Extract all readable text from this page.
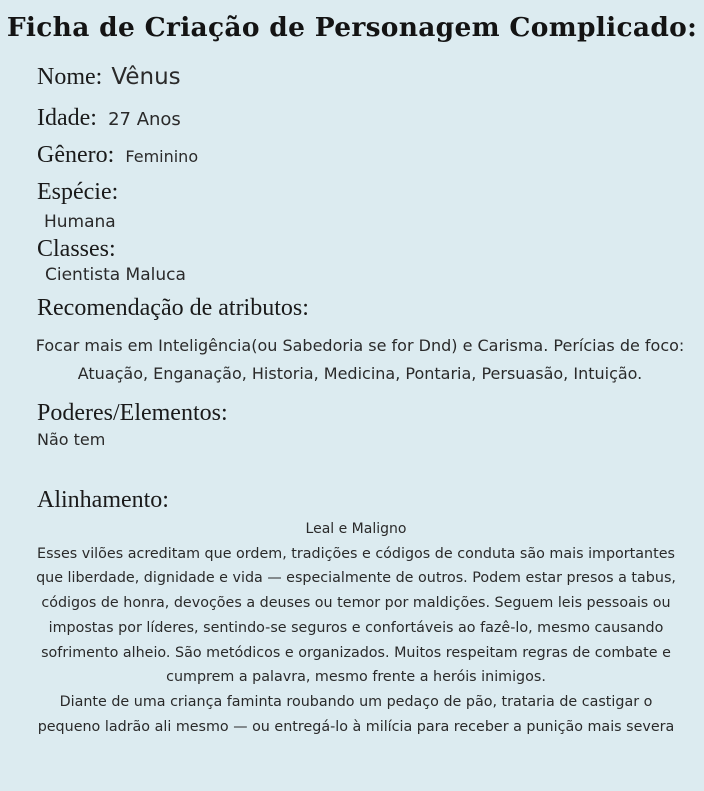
Ficha de Criação de Personagem Complicado:
Nome: Vênus
Idade: 27 Anos
Gênero: Feminino
Espécie:
Humana
Classes:
Cientista Maluca
Recomendação de atributos:
Focar mais em Inteligência(ou Sabedoria se for Dnd) e Carisma. Perícias de foco:
Atuação, Enganação, Historia, Medicina, Pontaria, Persuasão, Intuição.
Poderes/Elementos:
Não tem
Alinhamento:
Leal e Maligno
Esses vilões acreditam que ordem, tradições e códigos de conduta são mais importantes
que liberdade, dignidade e vida — especialmente de outros. Podem estar presos a tabus,
códigos de honra, devoções a deuses ou temor por maldições. Seguem leis pessoais ou
impostas por líderes, sentindo-se seguros e confortáveis ao fazê-lo, mesmo causando
sofrimento alheio. São metódicos e organizados. Muitos respeitam regras de combate e
cumprem a palavra, mesmo frente a heróis inimigos.
Diante de uma criança faminta roubando um pedaço de pão, trataria de castigar o
pequeno ladrão ali mesmo — ou entregá-lo à milícia para receber a punição mais severa
